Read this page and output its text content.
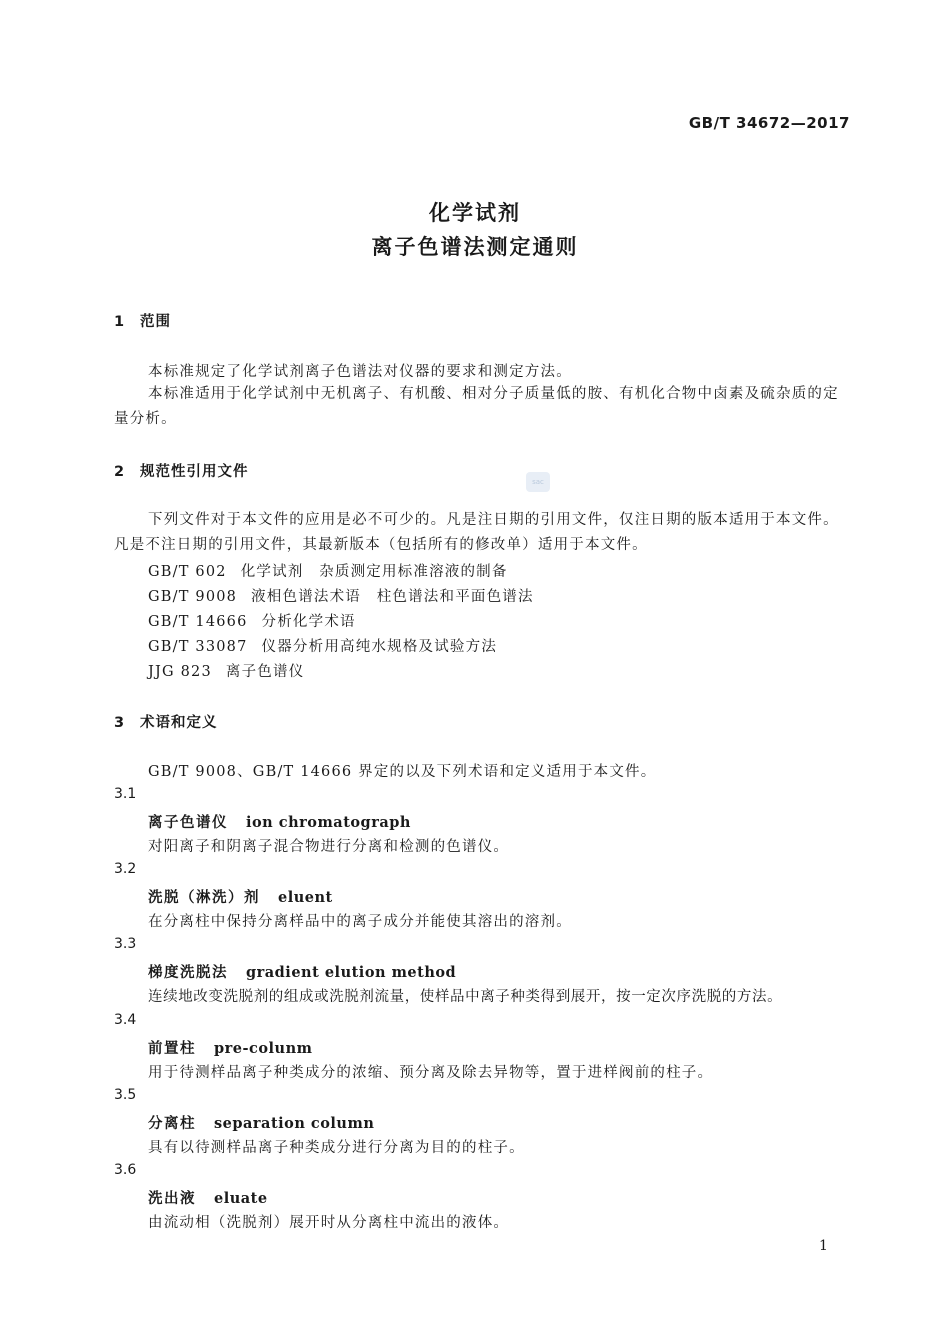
GB/T 34672—2017
化学试剂
离子色谱法测定通则
sac
1 范围
本标准规定了化学试剂离子色谱法对仪器的要求和测定方法。
本标准适用于化学试剂中无机离子、有机酸、相对分子质量低的胺、有机化合物中卤素及硫杂质的定量分析。
2 规范性引用文件
下列文件对于本文件的应用是必不可少的。凡是注日期的引用文件，仅注日期的版本适用于本文件。凡是不注日期的引用文件，其最新版本（包括所有的修改单）适用于本文件。
GB/T 602 化学试剂　杂质测定用标准溶液的制备
GB/T 9008 液相色谱法术语　柱色谱法和平面色谱法
GB/T 14666 分析化学术语
GB/T 33087 仪器分析用高纯水规格及试验方法
JJG 823 离子色谱仪
3 术语和定义
GB/T 9008、GB/T 14666 界定的以及下列术语和定义适用于本文件。
3.1
离子色谱仪 ion chromatograph
对阳离子和阴离子混合物进行分离和检测的色谱仪。
3.2
洗脱（淋洗）剂 eluent
在分离柱中保持分离样品中的离子成分并能使其溶出的溶剂。
3.3
梯度洗脱法 gradient elution method
连续地改变洗脱剂的组成或洗脱剂流量，使样品中离子种类得到展开，按一定次序洗脱的方法。
3.4
前置柱 pre-colunm
用于待测样品离子种类成分的浓缩、预分离及除去异物等，置于进样阀前的柱子。
3.5
分离柱 separation column
具有以待测样品离子种类成分进行分离为目的的柱子。
3.6
洗出液 eluate
由流动相（洗脱剂）展开时从分离柱中流出的液体。
1
